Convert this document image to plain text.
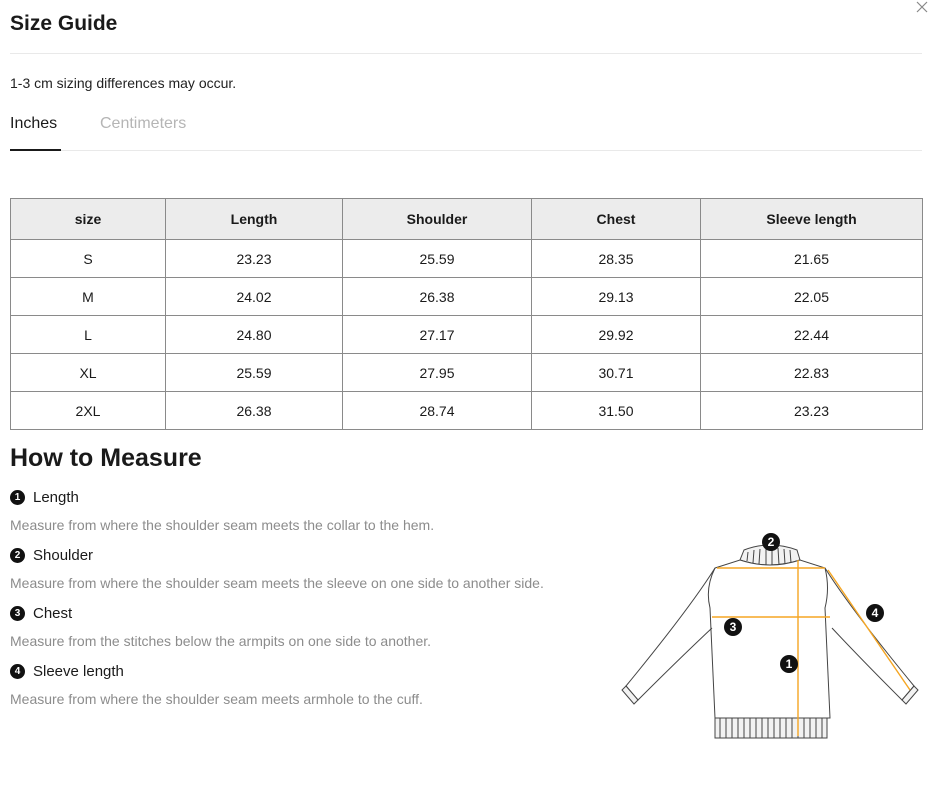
Size Guide
1-3 cm sizing differences may occur.
Inches	Centimeters
size	Length	Shoulder	Chest	Sleeve length
S	23.23	25.59	28.35	21.65
M	24.02	26.38	29.13	22.05
L	24.80	27.17	29.92	22.44
XL	25.59	27.95	30.71	22.83
2XL	26.38	28.74	31.50	23.23
How to Measure
1 Length
Measure from where the shoulder seam meets the collar to the hem.
2 Shoulder
Measure from where the shoulder seam meets the sleeve on one side to another side.
3 Chest
Measure from the stitches below the armpits on one side to another.
4 Sleeve length
Measure from where the shoulder seam meets armhole to the cuff.
2
3
1
4
